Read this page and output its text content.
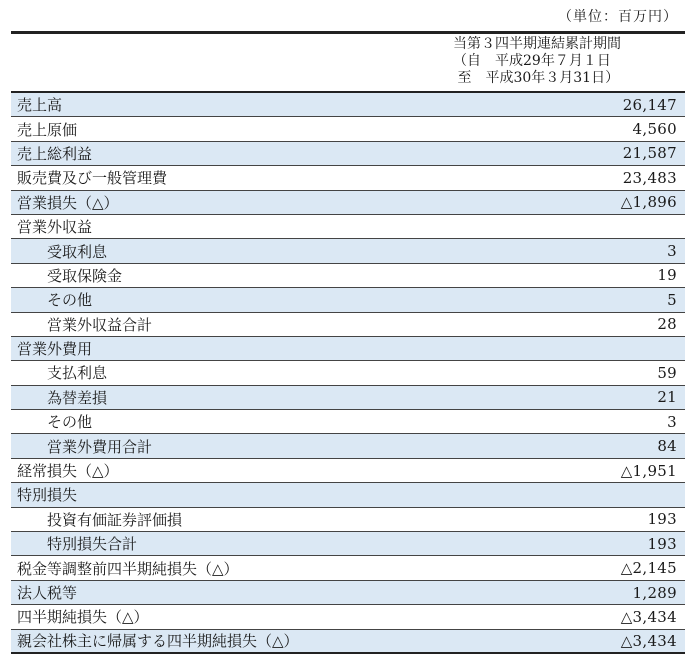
（単位：百万円）
当第３四半期連結累計期間
（自　平成29年７月１日
至　平成30年３月31日）
売上高	26,147
売上原価	4,560
売上総利益	21,587
販売費及び一般管理費	23,483
営業損失（△）	△1,896
営業外収益
受取利息	3
受取保険金	19
その他	5
営業外収益合計	28
営業外費用
支払利息	59
為替差損	21
その他	3
営業外費用合計	84
経常損失（△）	△1,951
特別損失
投資有価証券評価損	193
特別損失合計	193
税金等調整前四半期純損失（△）	△2,145
法人税等	1,289
四半期純損失（△）	△3,434
親会社株主に帰属する四半期純損失（△）	△3,434
